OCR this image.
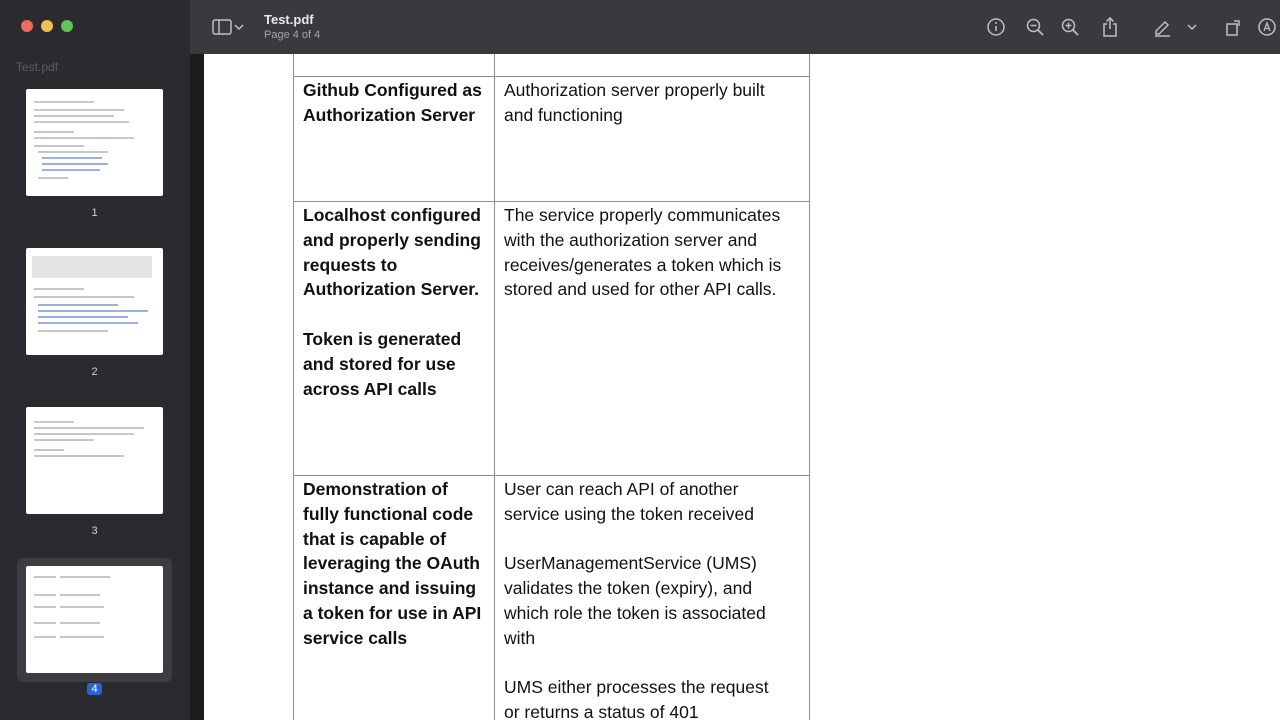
Test.pdf
1
2
3
4
Test.pdf
Page 4 of 4
Github Configured as
Authorization Server
Authorization server properly built
and functioning
Localhost configured
and properly sending
requests to
Authorization Server.
Token is generated
and stored for use
across API calls
The service properly communicates
with the authorization server and
receives/generates a token which is
stored and used for other API calls.
Demonstration of
fully functional code
that is capable of
leveraging the OAuth
instance and issuing
a token for use in API
service calls
User can reach API of another
service using the token received
UserManagementService (UMS)
validates the token (expiry), and
which role the token is associated
with
UMS either processes the request
or returns a status of 401
